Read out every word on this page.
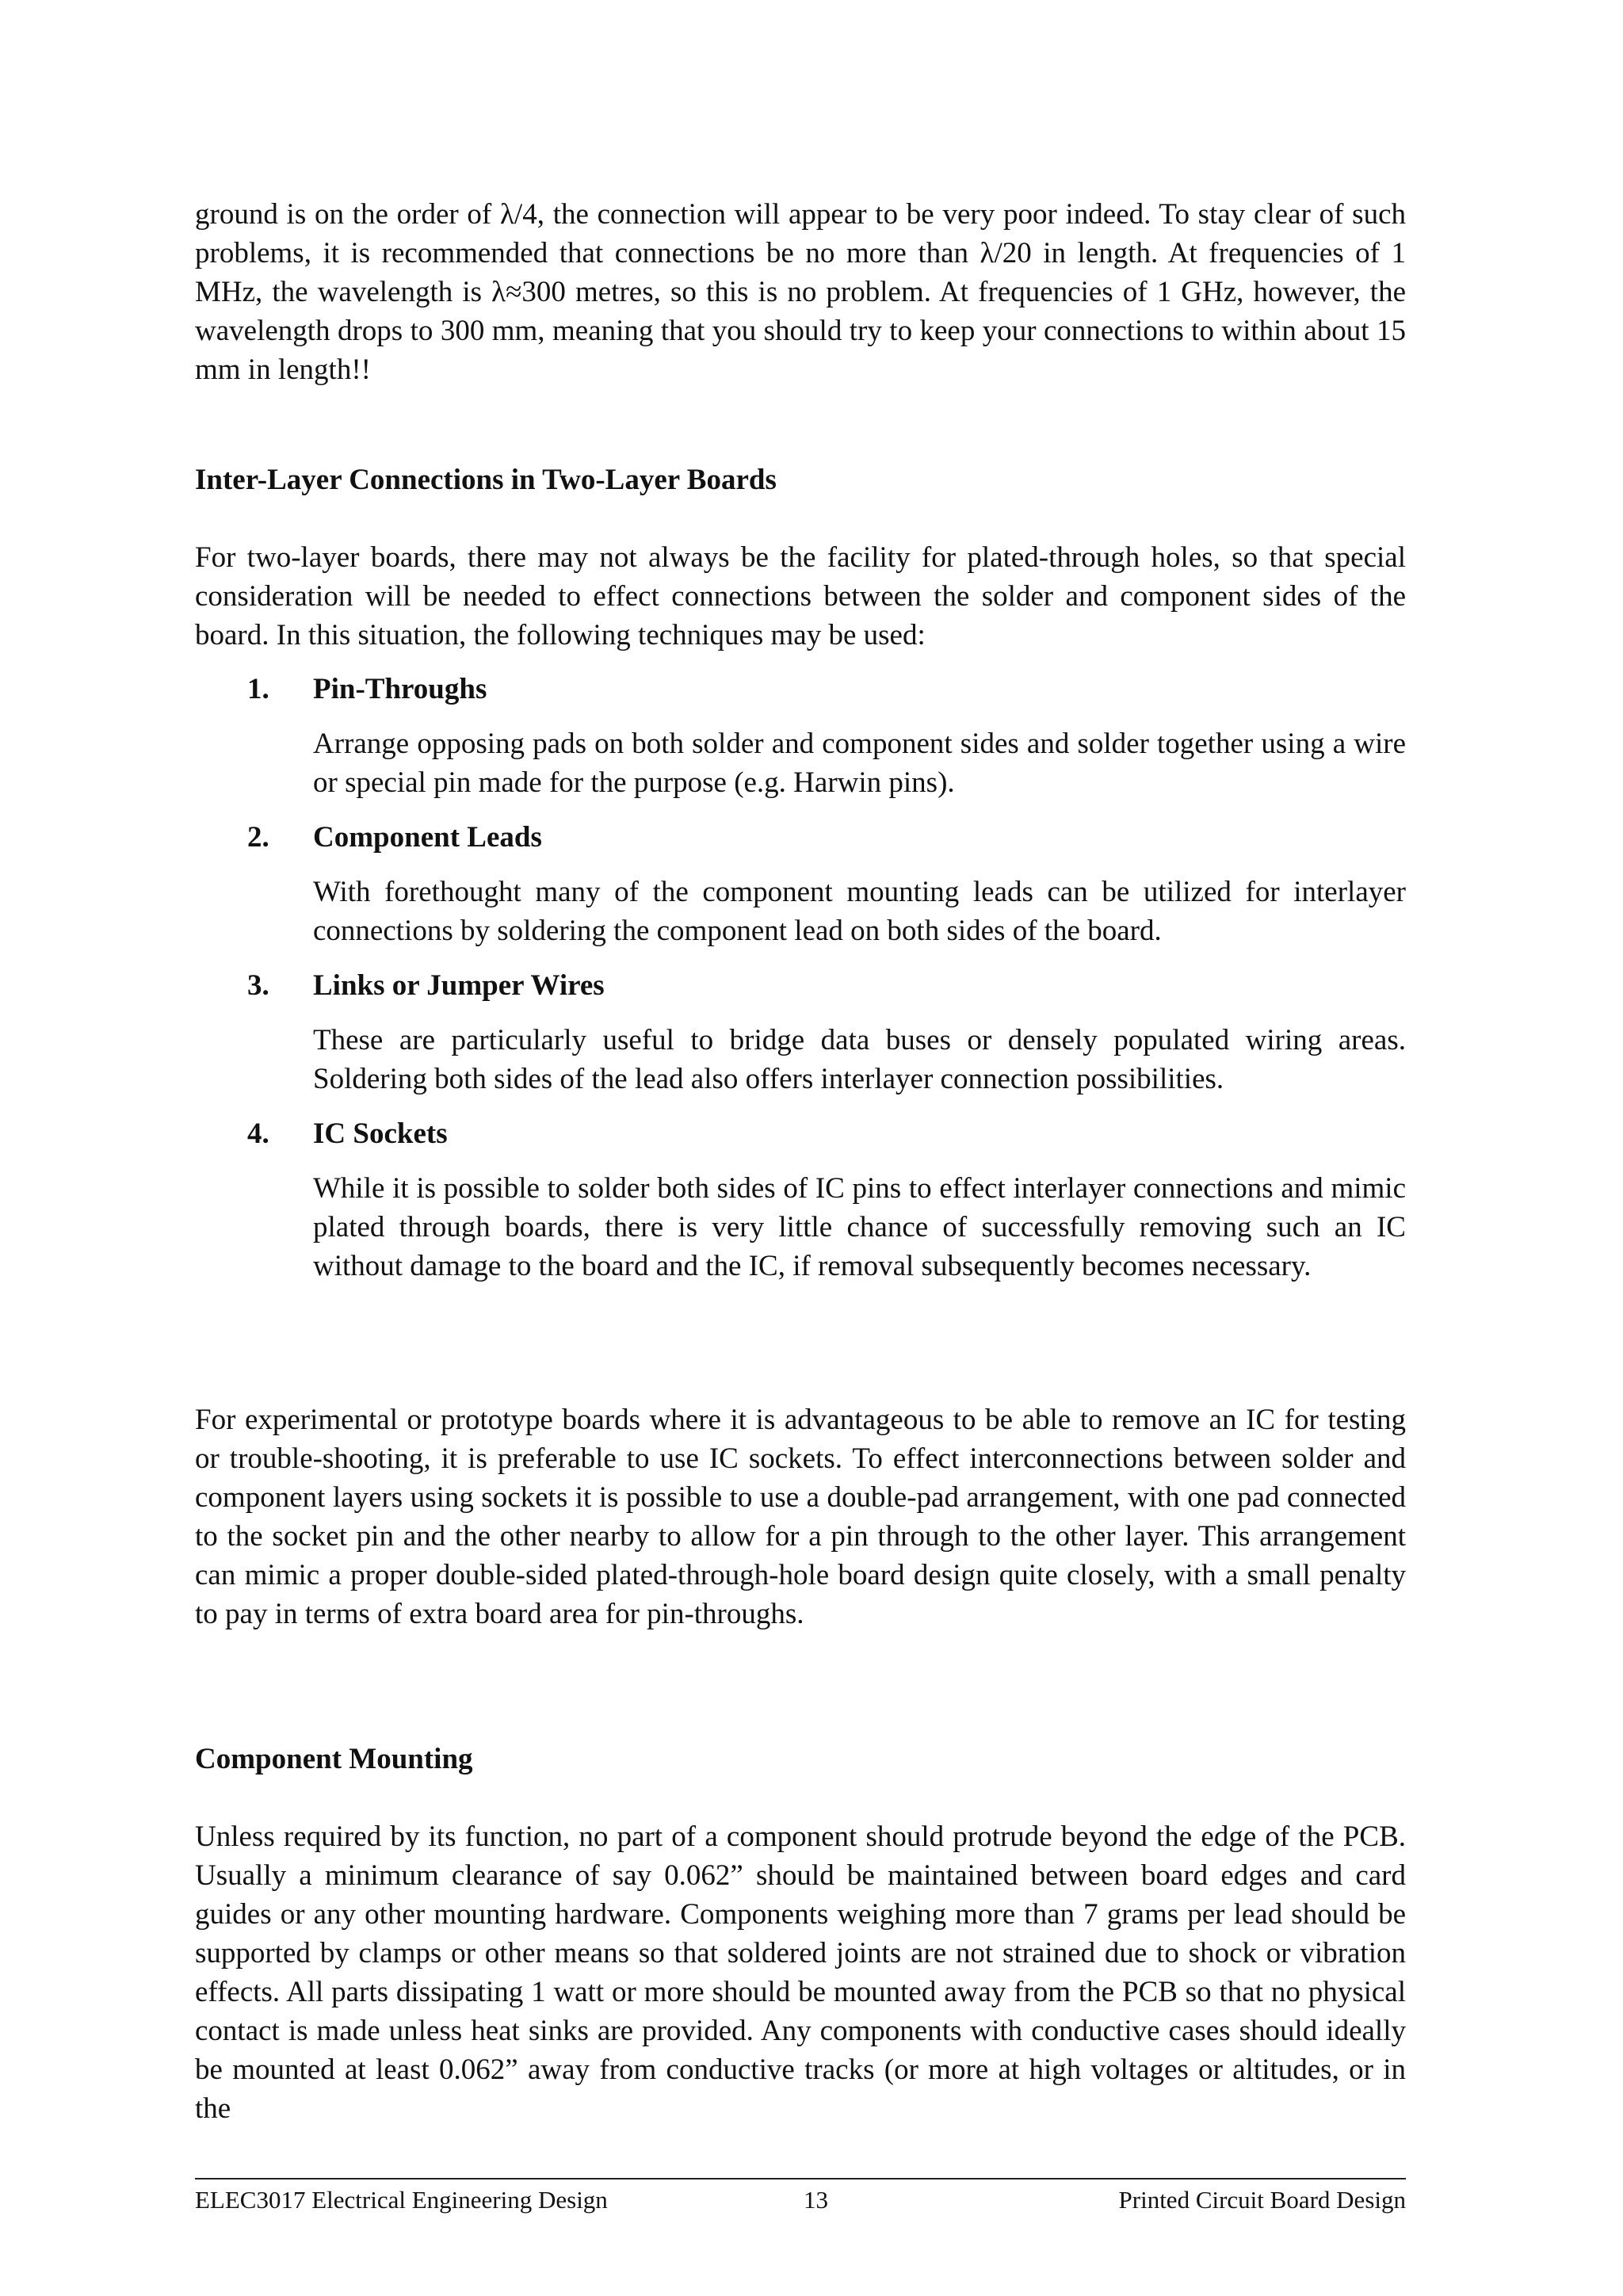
ground is on the order of λ/4, the connection will appear to be very poor indeed. To stay clear of such problems, it is recommended that connections be no more than λ/20 in length. At frequencies of 1 MHz, the wavelength is λ≈300 metres, so this is no problem. At frequencies of 1 GHz, however, the wavelength drops to 300 mm, meaning that you should try to keep your connections to within about 15 mm in length!!

Inter-Layer Connections in Two-Layer Boards

For two-layer boards, there may not always be the facility for plated-through holes, so that special consideration will be needed to effect connections between the solder and component sides of the board. In this situation, the following techniques may be used:

1.	Pin-Throughs

Arrange opposing pads on both solder and component sides and solder together using a wire or special pin made for the purpose (e.g. Harwin pins).

2.	Component Leads

With forethought many of the component mounting leads can be utilized for interlayer connections by soldering the component lead on both sides of the board.

3.	Links or Jumper Wires

These are particularly useful to bridge data buses or densely populated wiring areas. Soldering both sides of the lead also offers interlayer connection possibilities.

4.	IC Sockets

While it is possible to solder both sides of IC pins to effect interlayer connections and mimic plated through boards, there is very little chance of successfully removing such an IC without damage to the board and the IC, if removal subsequently becomes necessary.

For experimental or prototype boards where it is advantageous to be able to remove an IC for testing or trouble-shooting, it is preferable to use IC sockets. To effect interconnections between solder and component layers using sockets it is possible to use a double-pad arrangement, with one pad connected to the socket pin and the other nearby to allow for a pin through to the other layer. This arrangement can mimic a proper double-sided plated-through-hole board design quite closely, with a small penalty to pay in terms of extra board area for pin-throughs.

Component Mounting

Unless required by its function, no part of a component should protrude beyond the edge of the PCB. Usually a minimum clearance of say 0.062” should be maintained between board edges and card guides or any other mounting hardware. Components weighing more than 7 grams per lead should be supported by clamps or other means so that soldered joints are not strained due to shock or vibration effects. All parts dissipating 1 watt or more should be mounted away from the PCB so that no physical contact is made unless heat sinks are provided. Any components with conductive cases should ideally be mounted at least 0.062” away from conductive tracks (or more at high voltages or altitudes, or in the

ELEC3017 Electrical Engineering Design	13	Printed Circuit Board Design
